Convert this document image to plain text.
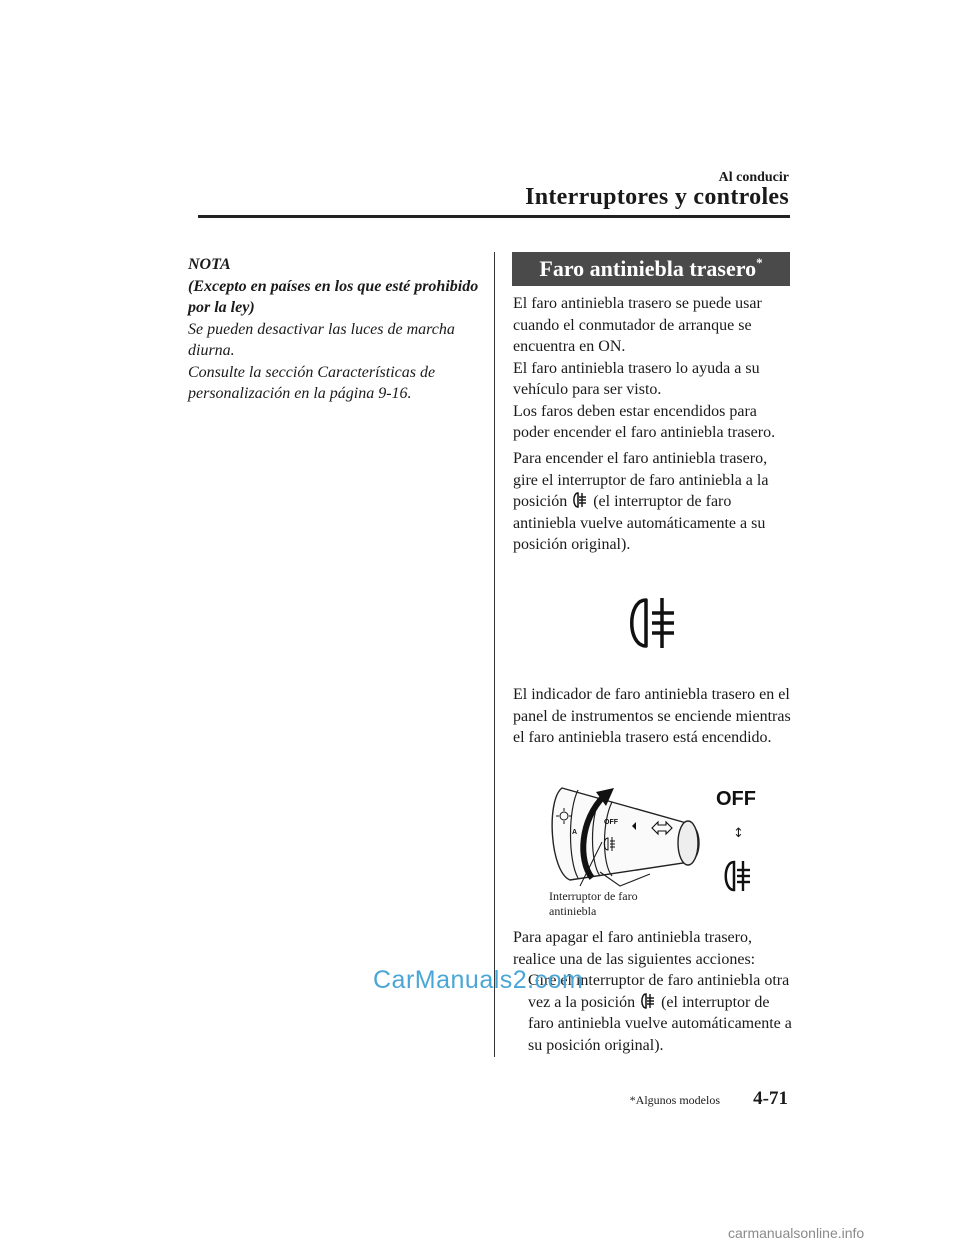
Al conducir
Interruptores y controles
NOTA
(Excepto en países en los que esté prohibido por la ley)
Se pueden desactivar las luces de marcha diurna.
Consulte la sección Características de personalización en la página 9-16.
Faro antiniebla trasero*
El faro antiniebla trasero se puede usar cuando el conmutador de arranque se encuentra en ON.
El faro antiniebla trasero lo ayuda a su vehículo para ser visto.
Los faros deben estar encendidos para poder encender el faro antiniebla trasero.
Para encender el faro antiniebla trasero, gire el interruptor de faro antiniebla a la posición (el interruptor de faro antiniebla vuelve automáticamente a su posición original).
El indicador de faro antiniebla trasero en el panel de instrumentos se enciende mientras el faro antiniebla trasero está encendido.
OFF
A
Interruptor de faro
antiniebla
OFF
↕
Para apagar el faro antiniebla trasero, realice una de las siguientes acciones:
Gire el interruptor de faro antiniebla otra vez a la posición (el interruptor de faro antiniebla vuelve automáticamente a su posición original).
*Algunos modelos 4-71
CarManuals2.com
carmanualsonline.info
